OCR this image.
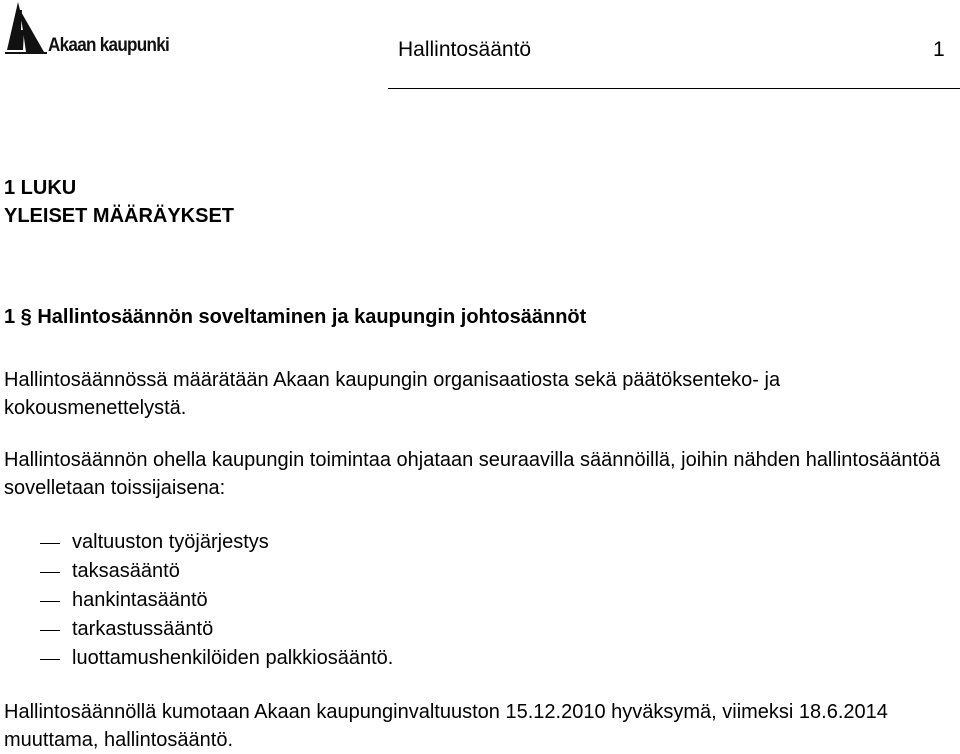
Akaan kaupunki	Hallintosääntö	1
1 LUKU
YLEISET MÄÄRÄYKSET
1 § Hallintosäännön soveltaminen ja kaupungin johtosäännöt
Hallintosäännössä määrätään Akaan kaupungin organisaatiosta sekä päätöksenteko- ja kokousmenettelystä.
Hallintosäännön ohella kaupungin toimintaa ohjataan seuraavilla säännöillä, joihin nähden hallintosääntöä sovelletaan toissijaisena:
valtuuston työjärjestys
taksasääntö
hankintasääntö
tarkastussääntö
luottamushenkilöiden palkkiosääntö.
Hallintosäännöllä kumotaan Akaan kaupunginvaltuuston 15.12.2010 hyväksymä, viimeksi 18.6.2014 muuttama, hallintosääntö.
